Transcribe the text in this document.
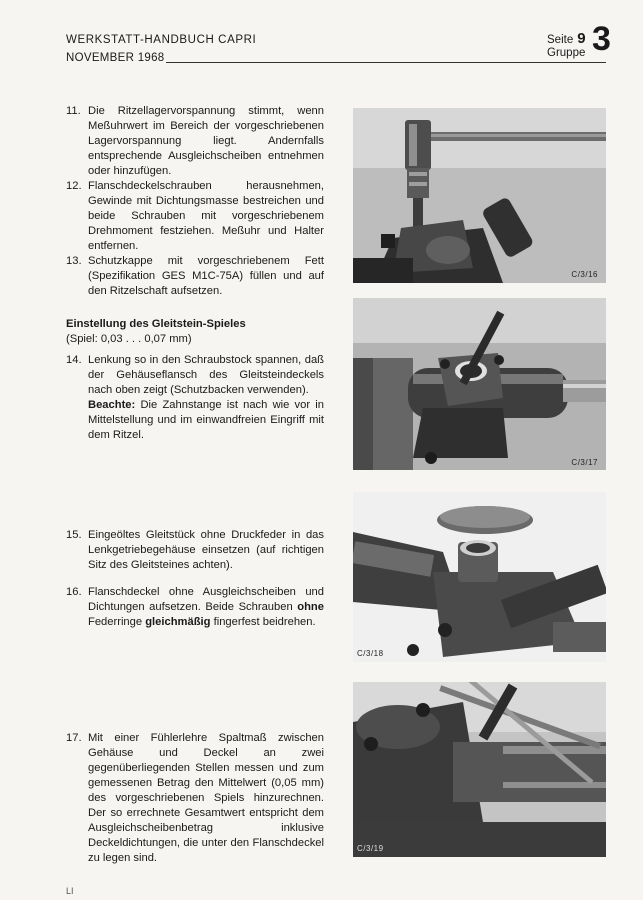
WERKSTATT-HANDBUCH CAPRI
NOVEMBER 1968
Seite 9
Gruppe 3

11. Die Ritzellagervorspannung stimmt, wenn Meßuhrwert im Bereich der vorgeschriebenen Lagervorspannung liegt. Andernfalls entsprechende Ausgleichscheiben entnehmen oder hinzufügen.

12. Flanschdeckelschrauben herausnehmen, Gewinde mit Dichtungsmasse bestreichen und beide Schrauben mit vorgeschriebenem Drehmoment festziehen. Meßuhr und Halter entfernen.

13. Schutzkappe mit vorgeschriebenem Fett (Spezifikation GES M1C-75A) füllen und auf den Ritzelschaft aufsetzen.

C/3/16
Einstellung des Gleitstein-Spieles
(Spiel: 0,03 . . . 0,07 mm)

14. Lenkung so in den Schraubstock spannen, daß der Gehäuseflansch des Gleitsteindeckels nach oben zeigt (Schutzbacken verwenden).
Beachte: Die Zahnstange ist nach wie vor in Mittelstellung und im einwandfreien Eingriff mit dem Ritzel.

C/3/17

15. Eingeöltes Gleitstück ohne Druckfeder in das Lenkgetriebegehäuse einsetzen (auf richtigen Sitz des Gleitsteines achten).

16. Flanschdeckel ohne Ausgleichscheiben und Dichtungen aufsetzen. Beide Schrauben ohne Federringe gleichmäßig fingerfest beidrehen.

C/3/18

17. Mit einer Fühlerlehre Spaltmaß zwischen Gehäuse und Deckel an zwei gegenüberliegenden Stellen messen und zum gemessenen Betrag den Mittelwert (0,05 mm) des vorgeschriebenen Spiels hinzurechnen. Der so errechnete Gesamtwert entspricht dem Ausgleichscheibenbetrag inklusive Deckeldichtungen, die unter den Flanschdeckel zu legen sind.

C/3/19
LI
